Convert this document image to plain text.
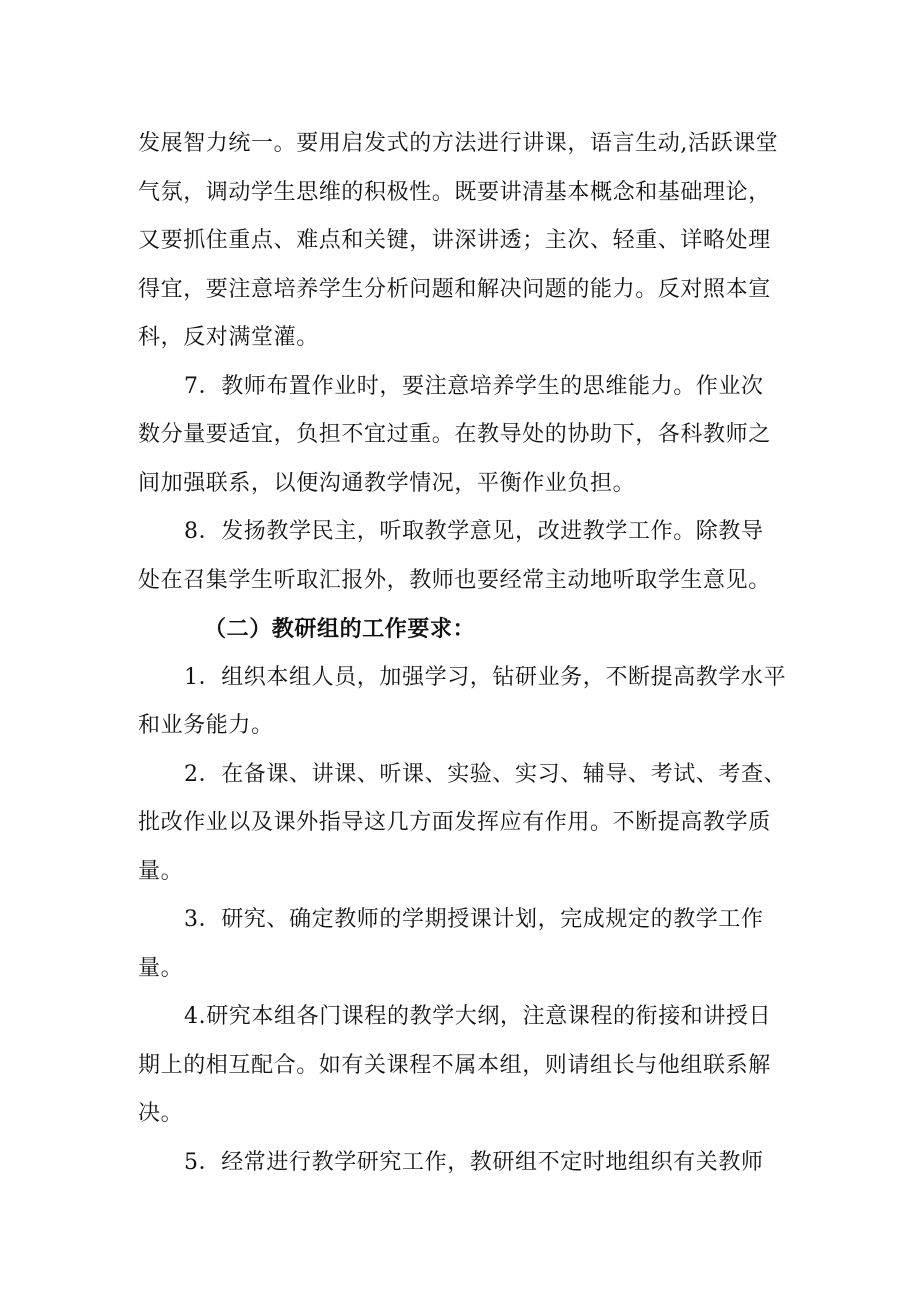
发展智力统一。要用启发式的方法进行讲课，语言生动,活跃课堂
气氛，调动学生思维的积极性。既要讲清基本概念和基础理论，
又要抓住重点、难点和关键，讲深讲透；主次、轻重、详略处理
得宜，要注意培养学生分析问题和解决问题的能力。反对照本宣
科，反对满堂灌。
7．教师布置作业时，要注意培养学生的思维能力。作业次
数分量要适宜，负担不宜过重。在教导处的协助下，各科教师之
间加强联系，以便沟通教学情况，平衡作业负担。
8．发扬教学民主，听取教学意见，改进教学工作。除教导
处在召集学生听取汇报外，教师也要经常主动地听取学生意见。
（二）教研组的工作要求：
1．组织本组人员，加强学习，钻研业务，不断提高教学水平
和业务能力。
2．在备课、讲课、听课、实验、实习、辅导、考试、考查、
批改作业以及课外指导这几方面发挥应有作用。不断提高教学质
量。
3．研究、确定教师的学期授课计划，完成规定的教学工作
量。
4.研究本组各门课程的教学大纲，注意课程的衔接和讲授日
期上的相互配合。如有关课程不属本组，则请组长与他组联系解
决。
5．经常进行教学研究工作，教研组不定时地组织有关教师
